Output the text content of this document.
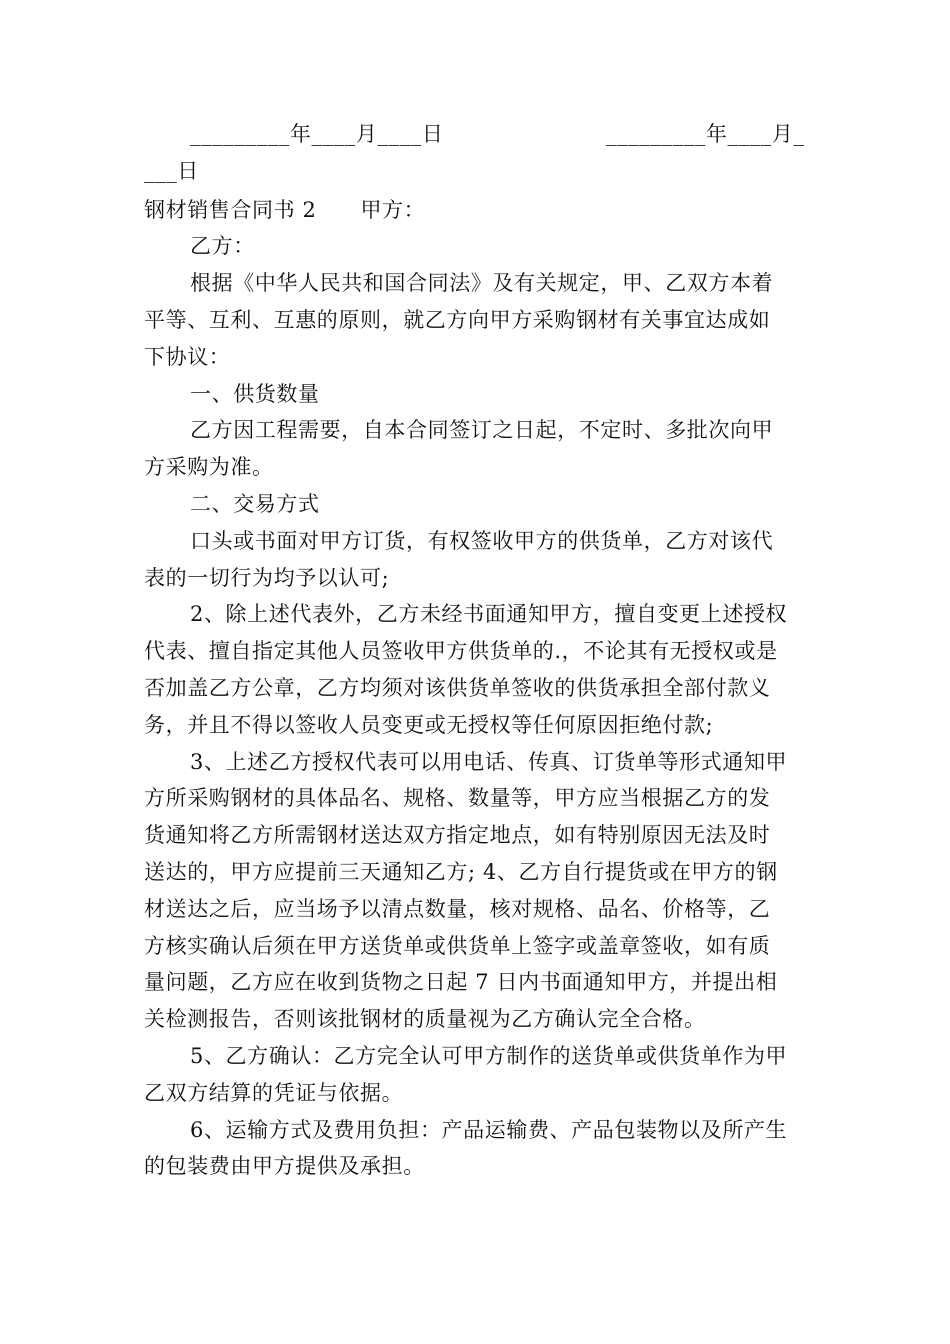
_________年____月____日	_________年____月_
___日
钢材销售合同书 2 甲方：
乙方：
根据《中华人民共和国合同法》及有关规定，甲、乙双方本着
平等、互利、互惠的原则，就乙方向甲方采购钢材有关事宜达成如
下协议：
一、供货数量
乙方因工程需要，自本合同签订之日起，不定时、多批次向甲
方采购为准。
二、交易方式
口头或书面对甲方订货，有权签收甲方的供货单，乙方对该代
表的一切行为均予以认可;
2、除上述代表外，乙方未经书面通知甲方，擅自变更上述授权
代表、擅自指定其他人员签收甲方供货单的.，不论其有无授权或是
否加盖乙方公章，乙方均须对该供货单签收的供货承担全部付款义
务，并且不得以签收人员变更或无授权等任何原因拒绝付款;
3、上述乙方授权代表可以用电话、传真、订货单等形式通知甲
方所采购钢材的具体品名、规格、数量等，甲方应当根据乙方的发
货通知将乙方所需钢材送达双方指定地点，如有特别原因无法及时
送达的，甲方应提前三天通知乙方; 4、乙方自行提货或在甲方的钢
材送达之后，应当场予以清点数量，核对规格、品名、价格等，乙
方核实确认后须在甲方送货单或供货单上签字或盖章签收，如有质
量问题，乙方应在收到货物之日起 7 日内书面通知甲方，并提出相
关检测报告，否则该批钢材的质量视为乙方确认完全合格。
5、乙方确认：乙方完全认可甲方制作的送货单或供货单作为甲
乙双方结算的凭证与依据。
6、运输方式及费用负担：产品运输费、产品包装物以及所产生
的包装费由甲方提供及承担。
